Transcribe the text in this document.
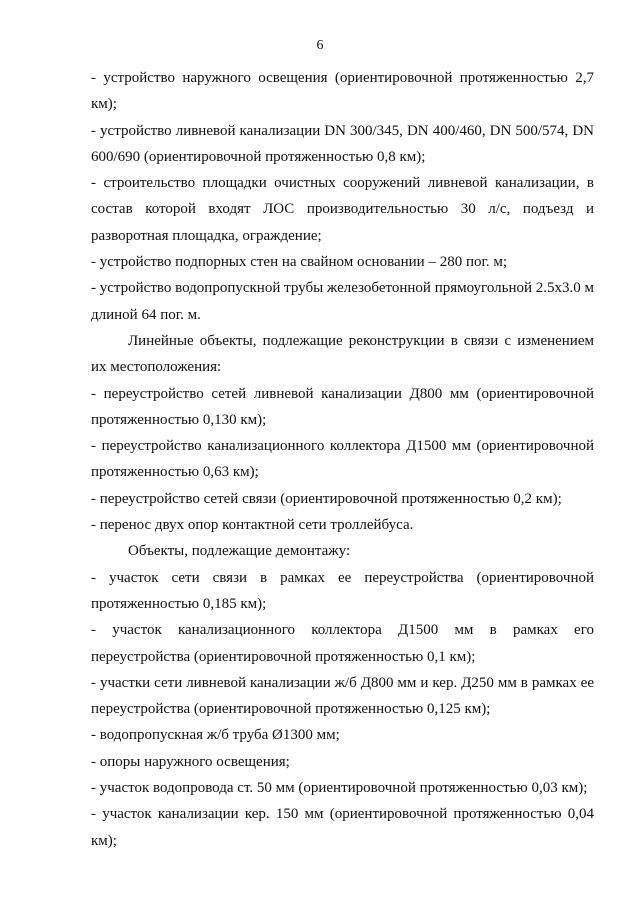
6

- устройство наружного освещения (ориентировочной протяженностью 2,7 км);

- устройство ливневой канализации DN 300/345, DN 400/460, DN 500/574, DN 600/690 (ориентировочной протяженностью 0,8 км);

- строительство площадки очистных сооружений ливневой канализации, в состав которой входят ЛОС производительностью 30 л/с, подъезд и разворотная площадка, ограждение;

- устройство подпорных стен на свайном основании – 280 пог. м;

- устройство водопропускной трубы железобетонной прямоугольной 2.5х3.0 м длиной 64 пог. м.

Линейные объекты, подлежащие реконструкции в связи с изменением их местоположения:

- переустройство сетей ливневой канализации Д800 мм (ориентировочной протяженностью 0,130 км);

- переустройство канализационного коллектора Д1500 мм (ориентировочной протяженностью 0,63 км);

- переустройство сетей связи (ориентировочной протяженностью 0,2 км);

- перенос двух опор контактной сети троллейбуса.

Объекты, подлежащие демонтажу:

- участок сети связи в рамках ее переустройства (ориентировочной протяженностью 0,185 км);

- участок канализационного коллектора Д1500 мм в рамках его переустройства (ориентировочной протяженностью 0,1 км);

- участки сети ливневой канализации ж/б Д800 мм и кер. Д250 мм в рамках ее переустройства (ориентировочной протяженностью 0,125 км);

- водопропускная ж/б труба Ø1300 мм;

- опоры наружного освещения;

- участок водопровода ст. 50 мм (ориентировочной протяженностью 0,03 км);

- участок канализации кер. 150 мм (ориентировочной протяженностью 0,04 км);
